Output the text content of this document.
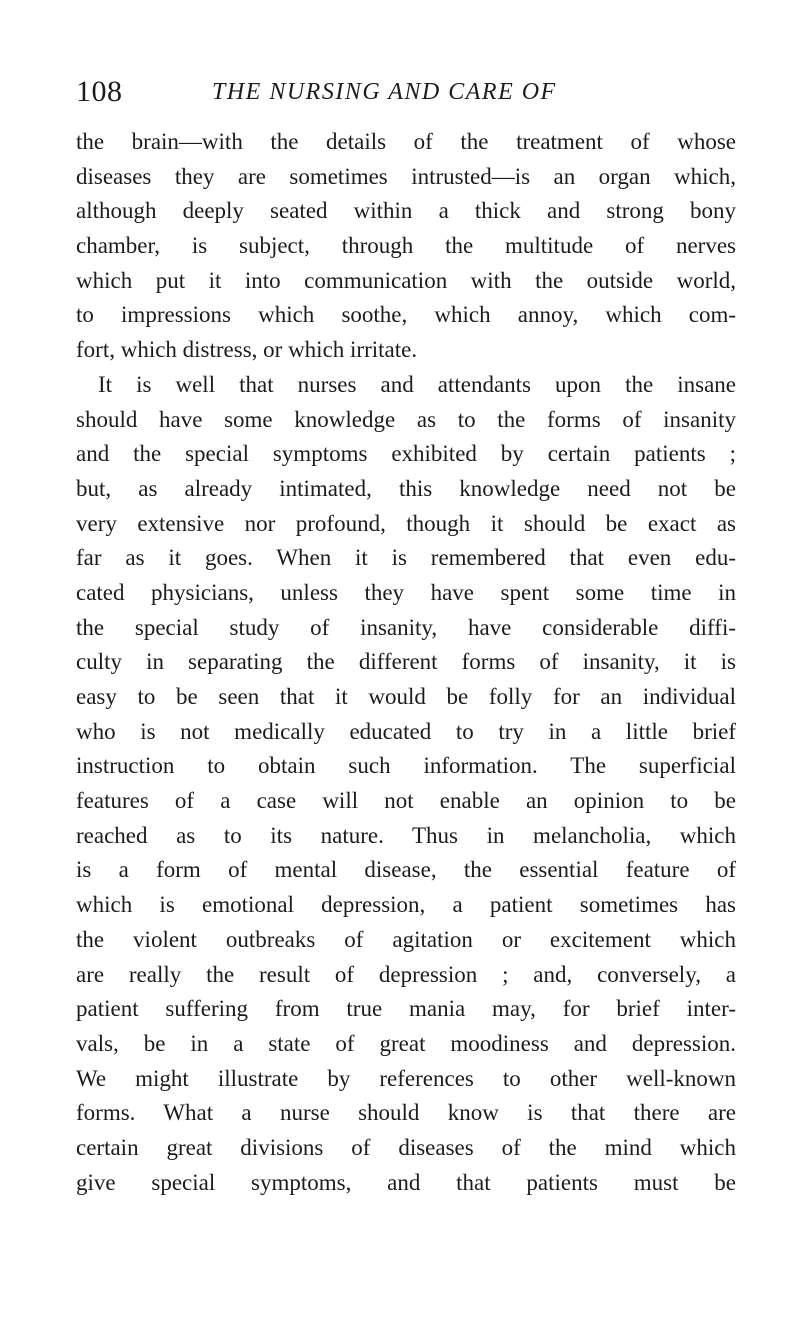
108	THE NURSING AND CARE OF
the brain—with the details of the treatment of whose
diseases they are sometimes intrusted—is an organ which,
although deeply seated within a thick and strong bony
chamber, is subject, through the multitude of nerves
which put it into communication with the outside world,
to impressions which soothe, which annoy, which com-
fort, which distress, or which irritate.
It is well that nurses and attendants upon the insane
should have some knowledge as to the forms of insanity
and the special symptoms exhibited by certain patients ;
but, as already intimated, this knowledge need not be
very extensive nor profound, though it should be exact as
far as it goes. When it is remembered that even edu-
cated physicians, unless they have spent some time in
the special study of insanity, have considerable diffi-
culty in separating the different forms of insanity, it is
easy to be seen that it would be folly for an individual
who is not medically educated to try in a little brief
instruction to obtain such information. The superficial
features of a case will not enable an opinion to be
reached as to its nature. Thus in melancholia, which
is a form of mental disease, the essential feature of
which is emotional depression, a patient sometimes has
the violent outbreaks of agitation or excitement which
are really the result of depression ; and, conversely, a
patient suffering from true mania may, for brief inter-
vals, be in a state of great moodiness and depression.
We might illustrate by references to other well-known
forms. What a nurse should know is that there are
certain great divisions of diseases of the mind which
give special symptoms, and that patients must be
